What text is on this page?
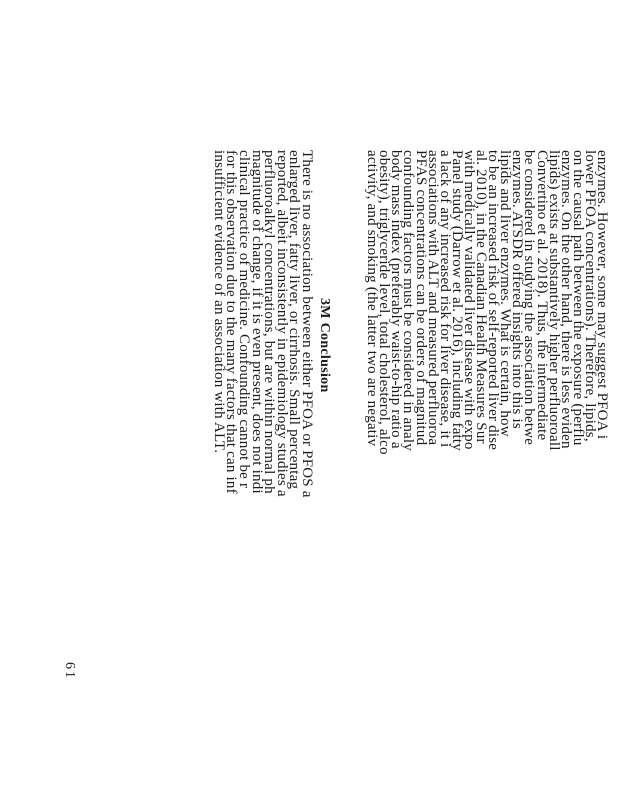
enzymes. However, some may suggest PFOA i
lower PFOA concentrations). Therefore, lipids,
on the causal path between the exposure (perflu
enzymes. On the other hand, there is less eviden
lipids) exists at substantively higher perfluoroall
Convertino et al. 2018). Thus, the intermediate
be considered in studying the association betwe
enzymes. ATSDR offered insights into this is
lipids and liver enzymes. What is certain, how
to be an increased risk of self-reported liver dise
al. 2010), in the Canadian Health Measures Sur
with medically validated liver disease with expo
Panel study (Darrow et al. 2016), including fatty
a lack of any increased risk for liver disease, it i
associations with ALT and measured perfluoroa
PFAS concentrations can be orders of magnitud
confounding factors must be considered in analy
body mass index (preferably waist-to-hip ratio a
obesity), triglyceride level, total cholesterol, alco
activity, and smoking (the latter two are negativ
3M Conclusion
There is no association between either PFOA or PFOS a
enlarged liver, fatty liver, or cirrhosis. Small percentag
reported, albeit inconsistently in epidemiology studies a
perfluoroalkyl concentrations, but are within normal ph
magnitude of change, if it is even present, does not indi
clinical practice of medicine. Confounding cannot be r
for this observation due to the many factors that can inf
insufficient evidence of an association with ALT.
61
